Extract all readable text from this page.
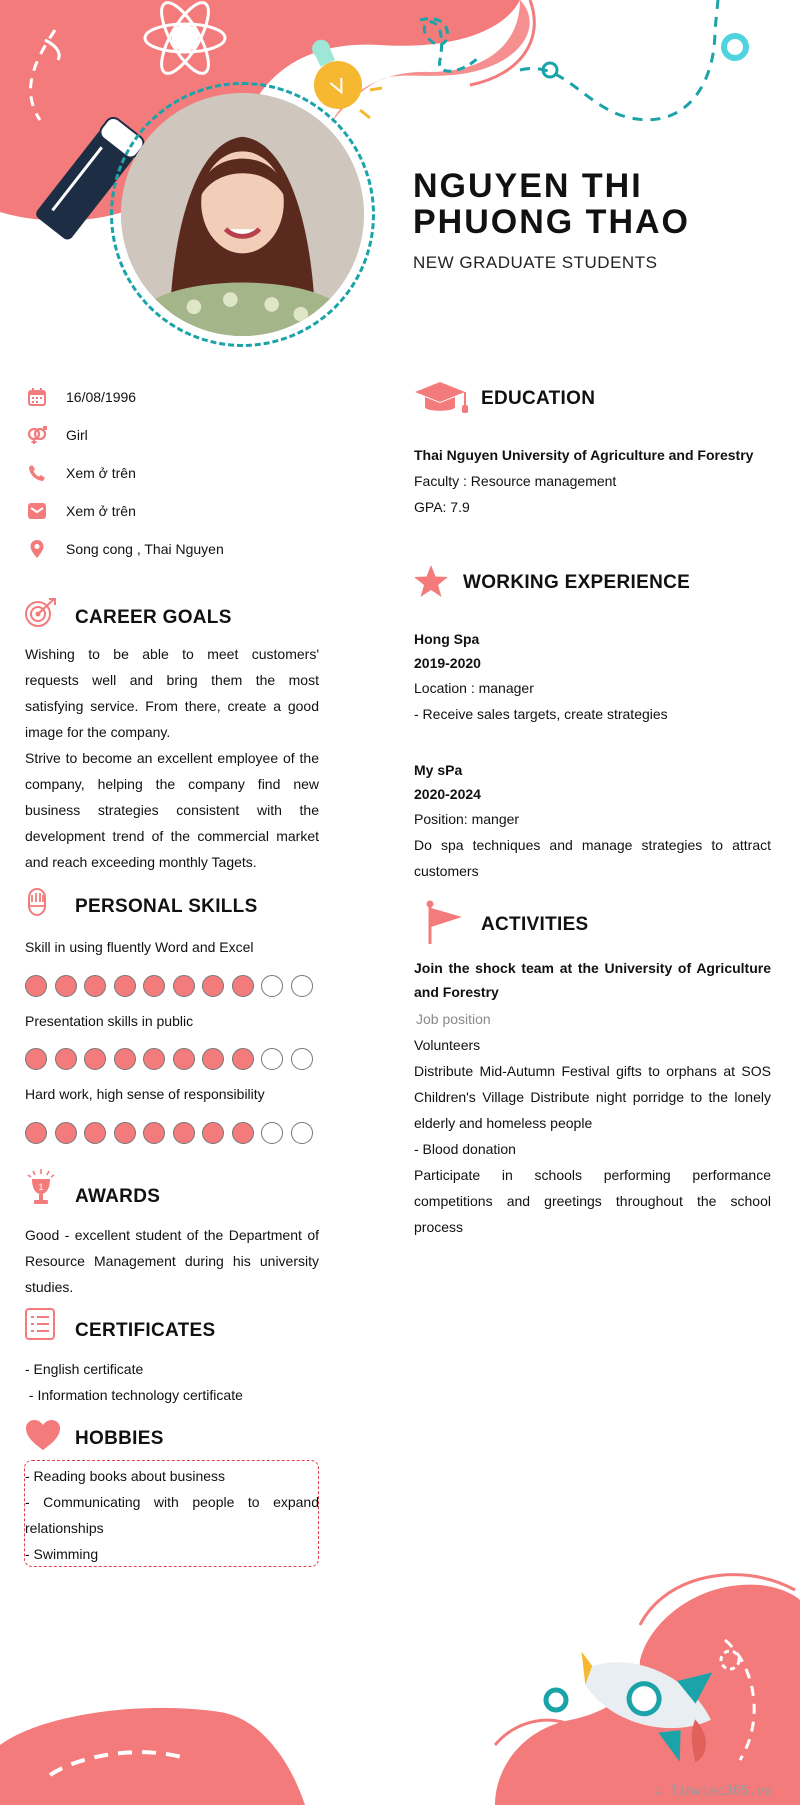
NGUYEN THI PHUONG THAO
NEW GRADUATE STUDENTS
16/08/1996
Girl
Xem ở trên
Xem ở trên
Song cong , Thai Nguyen
CAREER GOALS
Wishing to be able to meet customers' requests well and bring them the most satisfying service. From there, create a good image for the company.
Strive to become an excellent employee of the company, helping the company find new business strategies consistent with the development trend of the commercial market and reach exceeding monthly Tagets.
PERSONAL SKILLS
Skill in using fluently Word and Excel
Presentation skills in public
Hard work, high sense of responsibility
1 AWARDS
Good - excellent student of the Department of Resource Management during his university studies.
CERTIFICATES
- English certificate
- Information technology certificate
HOBBIES
- Reading books about business
- Communicating with people to expand relationships
- Swimming
EDUCATION
Thai Nguyen University of Agriculture and Forestry
Faculty : Resource management
GPA: 7.9
WORKING EXPERIENCE
Hong Spa
2019-2020
Location : manager
- Receive sales targets, create strategies
My sPa
2020-2024
Position: manger
Do spa techniques and manage strategies to attract customers
ACTIVITIES
Join the shock team at the University of Agriculture and Forestry
Job position
Volunteers
Distribute Mid-Autumn Festival gifts to orphans at SOS Children's Village Distribute night porridge to the lonely elderly and homeless people
- Blood donation
Participate in schools performing performance competitions and greetings throughout the school process
∴ Timviec365.vn
